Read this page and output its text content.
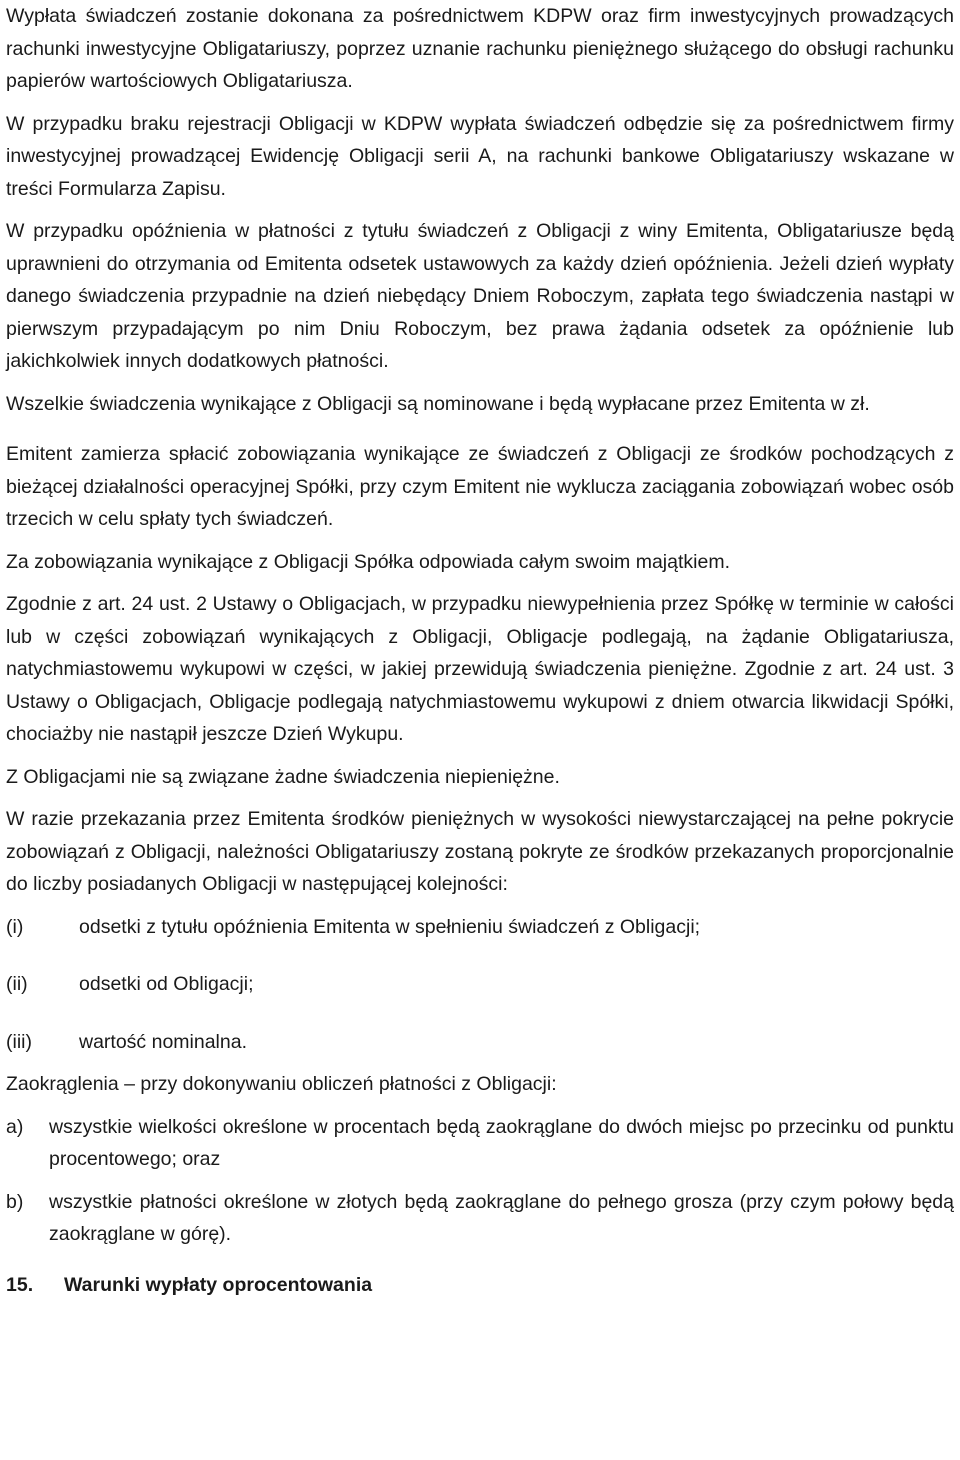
Wypłata świadczeń zostanie dokonana za pośrednictwem KDPW oraz firm inwestycyjnych prowadzących rachunki inwestycyjne Obligatariuszy, poprzez uznanie rachunku pieniężnego służącego do obsługi rachunku papierów wartościowych Obligatariusza.

W przypadku braku rejestracji Obligacji w KDPW wypłata świadczeń odbędzie się za pośrednictwem firmy inwestycyjnej prowadzącej Ewidencję Obligacji serii A, na rachunki bankowe Obligatariuszy wskazane w treści Formularza Zapisu.

W przypadku opóźnienia w płatności z tytułu świadczeń z Obligacji z winy Emitenta, Obligatariusze będą uprawnieni do otrzymania od Emitenta odsetek ustawowych za każdy dzień opóźnienia. Jeżeli dzień wypłaty danego świadczenia przypadnie na dzień niebędący Dniem Roboczym, zapłata tego świadczenia nastąpi w pierwszym przypadającym po nim Dniu Roboczym, bez prawa żądania odsetek za opóźnienie lub jakichkolwiek innych dodatkowych płatności.

Wszelkie świadczenia wynikające z Obligacji są nominowane i będą wypłacane przez Emitenta w zł.

Emitent zamierza spłacić zobowiązania wynikające ze świadczeń z Obligacji ze środków pochodzących z bieżącej działalności operacyjnej Spółki, przy czym Emitent nie wyklucza zaciągania zobowiązań wobec osób trzecich w celu spłaty tych świadczeń.

Za zobowiązania wynikające z Obligacji Spółka odpowiada całym swoim majątkiem.

Zgodnie z art. 24 ust. 2 Ustawy o Obligacjach, w przypadku niewypełnienia przez Spółkę w terminie w całości lub w części zobowiązań wynikających z Obligacji, Obligacje podlegają, na żądanie Obligatariusza, natychmiastowemu wykupowi w części, w jakiej przewidują świadczenia pieniężne. Zgodnie z art. 24 ust. 3 Ustawy o Obligacjach, Obligacje podlegają natychmiastowemu wykupowi z dniem otwarcia likwidacji Spółki, chociażby nie nastąpił jeszcze Dzień Wykupu.

Z Obligacjami nie są związane żadne świadczenia niepieniężne.

W razie przekazania przez Emitenta środków pieniężnych w wysokości niewystarczającej na pełne pokrycie zobowiązań z Obligacji, należności Obligatariuszy zostaną pokryte ze środków przekazanych proporcjonalnie do liczby posiadanych Obligacji w następującej kolejności:

(i)	odsetki z tytułu opóźnienia Emitenta w spełnieniu świadczeń z Obligacji;
(ii)	odsetki od Obligacji;
(iii)	wartość nominalna.

Zaokrąglenia – przy dokonywaniu obliczeń płatności z Obligacji:

a)	wszystkie wielkości określone w procentach będą zaokrąglane do dwóch miejsc po przecinku od punktu procentowego; oraz
b)	wszystkie płatności określone w złotych będą zaokrąglane do pełnego grosza (przy czym połowy będą zaokrąglane w górę).
15.	Warunki wypłaty oprocentowania
